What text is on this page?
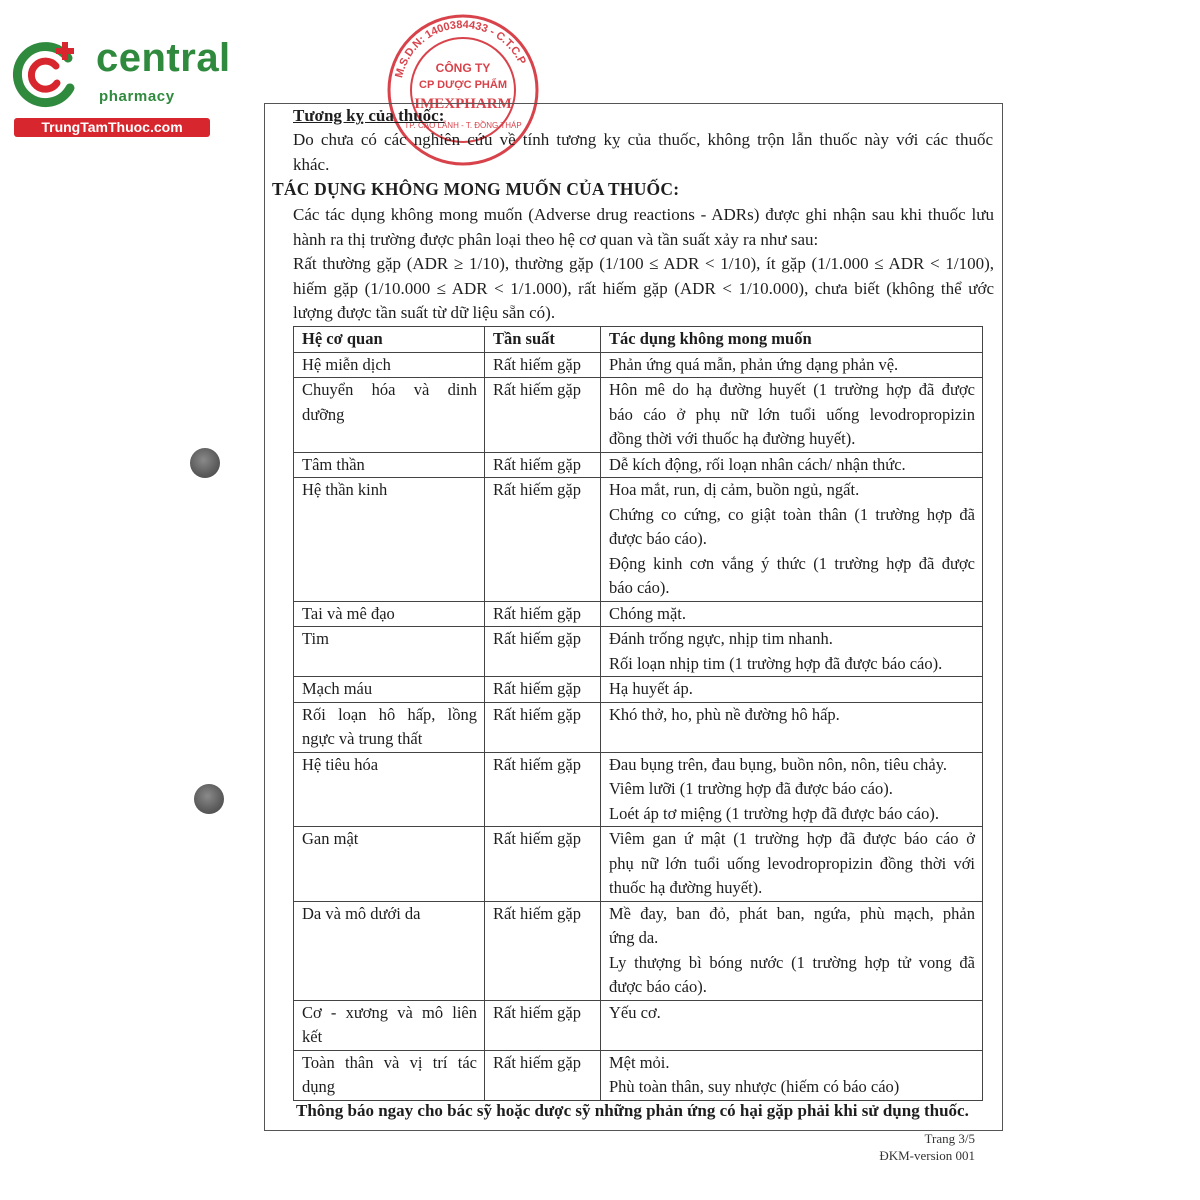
central
pharmacy
TrungTamThuoc.com
M.S.D.N: 1400384433 - C.T.C.P
CÔNG TY
CP DƯỢC PHẨM
IMEXPHARM
TP. CAO LÃNH - T. ĐỒNG THÁP
Tương kỵ của thuốc:
Do chưa có các nghiên cứu về tính tương kỵ của thuốc, không trộn lẫn thuốc này với các thuốc
khác.
TÁC DỤNG KHÔNG MONG MUỐN CỦA THUỐC:
Các tác dụng không mong muốn (Adverse drug reactions - ADRs) được ghi nhận sau khi thuốc lưu
hành ra thị trường được phân loại theo hệ cơ quan và tần suất xảy ra như sau:
Rất thường gặp (ADR ≥ 1/10), thường gặp (1/100 ≤ ADR < 1/10), ít gặp (1/1.000 ≤ ADR < 1/100),
hiếm gặp (1/10.000 ≤ ADR < 1/1.000), rất hiếm gặp (ADR < 1/10.000), chưa biết (không thể ước
lượng được tần suất từ dữ liệu sẵn có).
Hệ cơ quan	Tần suất	Tác dụng không mong muốn

Hệ miễn dịch	Rất hiếm gặp	Phản ứng quá mẫn, phản ứng dạng phản vệ.

Chuyển hóa và dinh
dưỡng	Rất hiếm gặp	Hôn mê do hạ đường huyết (1 trường hợp đã được
báo cáo ở phụ nữ lớn tuổi uống levodropropizin
đồng thời với thuốc hạ đường huyết).

Tâm thần	Rất hiếm gặp	Dễ kích động, rối loạn nhân cách/ nhận thức.

Hệ thần kinh	Rất hiếm gặp	Hoa mắt, run, dị cảm, buồn ngủ, ngất.
Chứng co cứng, co giật toàn thân (1 trường hợp đã
được báo cáo).
Động kinh cơn vắng ý thức (1 trường hợp đã được
báo cáo).

Tai và mê đạo	Rất hiếm gặp	Chóng mặt.

Tim	Rất hiếm gặp	Đánh trống ngực, nhịp tim nhanh.
Rối loạn nhịp tim (1 trường hợp đã được báo cáo).

Mạch máu	Rất hiếm gặp	Hạ huyết áp.

Rối loạn hô hấp, lồng
ngực và trung thất	Rất hiếm gặp	Khó thở, ho, phù nề đường hô hấp.

Hệ tiêu hóa	Rất hiếm gặp	Đau bụng trên, đau bụng, buồn nôn, nôn, tiêu chảy.
Viêm lưỡi (1 trường hợp đã được báo cáo).
Loét áp tơ miệng (1 trường hợp đã được báo cáo).

Gan mật	Rất hiếm gặp	Viêm gan ứ mật (1 trường hợp đã được báo cáo ở
phụ nữ lớn tuổi uống levodropropizin đồng thời với
thuốc hạ đường huyết).

Da và mô dưới da	Rất hiếm gặp	Mề đay, ban đỏ, phát ban, ngứa, phù mạch, phản
ứng da.
Ly thượng bì bóng nước (1 trường hợp tử vong đã
được báo cáo).

Cơ - xương và mô liên
kết	Rất hiếm gặp	Yếu cơ.

Toàn thân và vị trí tác
dụng	Rất hiếm gặp	Mệt mỏi.
Phù toàn thân, suy nhược (hiếm có báo cáo)
Thông báo ngay cho bác sỹ hoặc dược sỹ những phản ứng có hại gặp phải khi sử dụng thuốc.
Trang 3/5
ĐKM-version 001
